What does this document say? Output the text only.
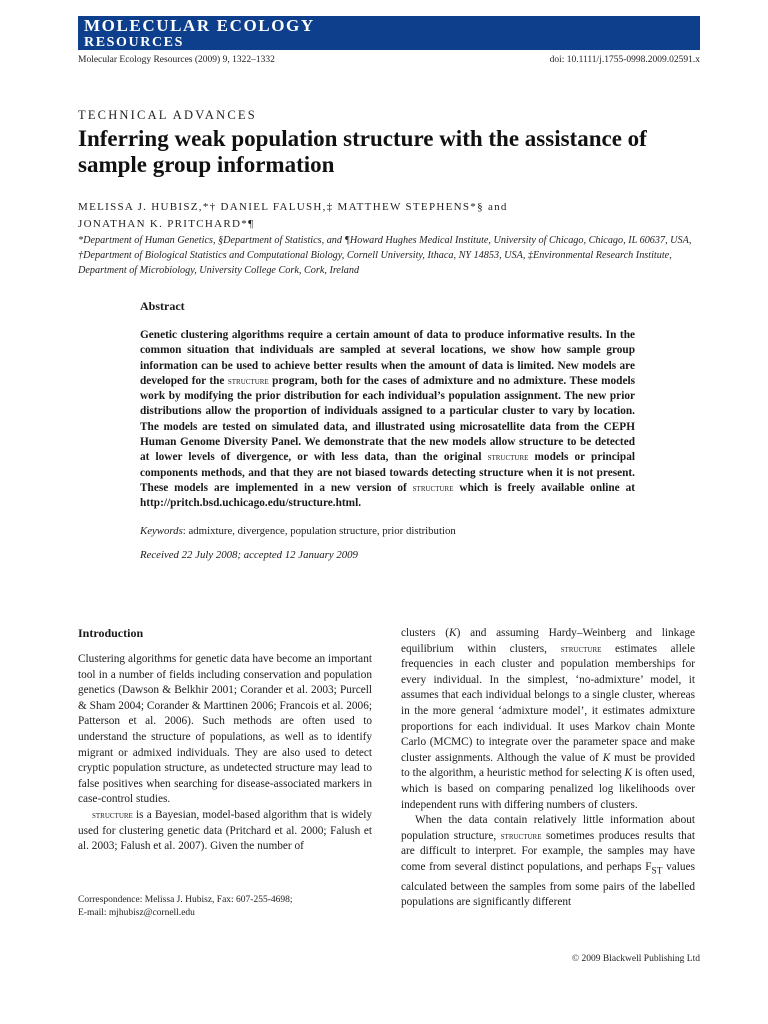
MOLECULAR ECOLOGY
RESOURCES
Molecular Ecology Resources (2009) 9, 1322–1332	doi: 10.1111/j.1755-0998.2009.02591.x
TECHNICAL ADVANCES
Inferring weak population structure with the assistance of sample group information
MELISSA J. HUBISZ,*† DANIEL FALUSH,‡ MATTHEW STEPHENS*§ and
JONATHAN K. PRITCHARD*¶
*Department of Human Genetics, §Department of Statistics, and ¶Howard Hughes Medical Institute, University of Chicago, Chicago, IL 60637, USA, †Department of Biological Statistics and Computational Biology, Cornell University, Ithaca, NY 14853, USA, ‡Environmental Research Institute, Department of Microbiology, University College Cork, Cork, Ireland
Abstract

Genetic clustering algorithms require a certain amount of data to produce informative results. In the common situation that individuals are sampled at several locations, we show how sample group information can be used to achieve better results when the amount of data is limited. New models are developed for the structure program, both for the cases of admixture and no admixture. These models work by modifying the prior distribution for each individual’s population assignment. The new prior distributions allow the proportion of individuals assigned to a particular cluster to vary by location. The models are tested on simulated data, and illustrated using microsatellite data from the CEPH Human Genome Diversity Panel. We demonstrate that the new models allow structure to be detected at lower levels of divergence, or with less data, than the original structure models or principal components methods, and that they are not biased towards detecting structure when it is not present. These models are implemented in a new version of structure which is freely available online at http://pritch.bsd.uchicago.edu/structure.html.

Keywords: admixture, divergence, population structure, prior distribution
Received 22 July 2008; accepted 12 January 2009
Introduction

Clustering algorithms for genetic data have become an important tool in a number of fields including conservation and population genetics (Dawson & Belkhir 2001; Corander et al. 2003; Purcell & Sham 2004; Corander & Marttinen 2006; Francois et al. 2006; Patterson et al. 2006). Such methods are often used to understand the structure of populations, as well as to identify migrant or admixed individuals. They are also used to detect cryptic population structure, as undetected structure may lead to false positives when searching for disease-associated markers in case-control studies.

structure is a Bayesian, model-based algorithm that is widely used for clustering genetic data (Pritchard et al. 2000; Falush et al. 2003; Falush et al. 2007). Given the number of

clusters (K) and assuming Hardy–Weinberg and linkage equilibrium within clusters, structure estimates allele frequencies in each cluster and population memberships for every individual. In the simplest, ‘no-admixture’ model, it assumes that each individual belongs to a single cluster, whereas in the more general ‘admixture model’, it estimates admixture proportions for each individual. It uses Markov chain Monte Carlo (MCMC) to integrate over the parameter space and make cluster assignments. Although the value of K must be provided to the algorithm, a heuristic method for selecting K is often used, which is based on comparing penalized log likelihoods over independent runs with differing numbers of clusters.

When the data contain relatively little information about population structure, structure sometimes produces results that are difficult to interpret. For example, the samples may have come from several distinct populations, and perhaps $F_{ST}$ values calculated between the samples from some pairs of the labelled populations are significantly different

Correspondence: Melissa J. Hubisz, Fax: 607-255-4698;
E-mail: mjhubisz@cornell.edu
© 2009 Blackwell Publishing Ltd
